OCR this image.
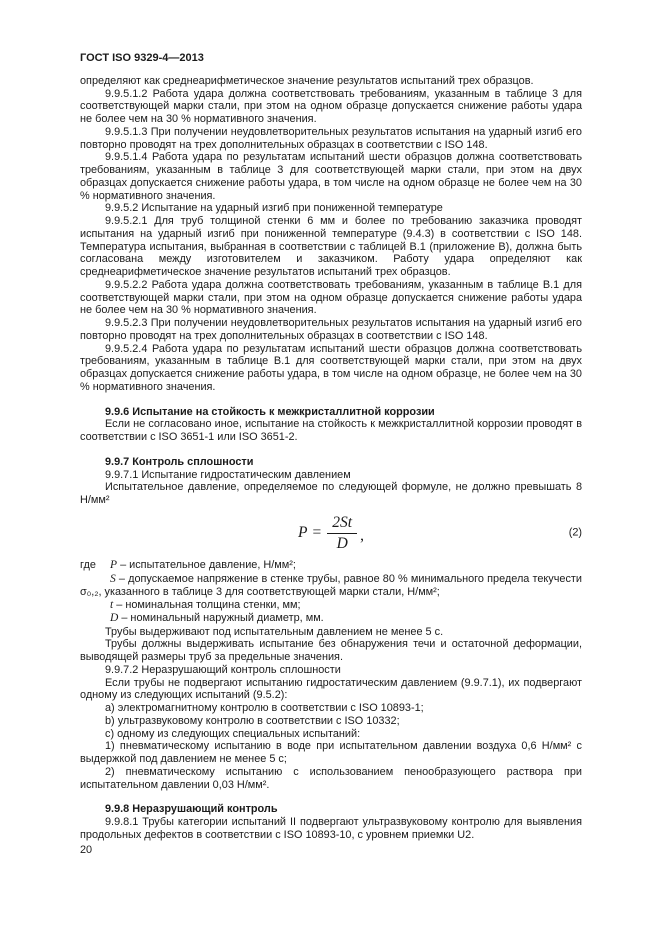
ГОСТ ISO 9329-4—2013

определяют как среднеарифметическое значение результатов испытаний трех образцов.

9.9.5.1.2 Работа удара должна соответствовать требованиям, указанным в таблице 3 для соответствующей марки стали, при этом на одном образце допускается снижение работы удара не более чем на 30 % нормативного значения.

9.9.5.1.3 При получении неудовлетворительных результатов испытания на ударный изгиб его повторно проводят на трех дополнительных образцах в соответствии с ISO 148.

9.9.5.1.4 Работа удара по результатам испытаний шести образцов должна соответствовать требованиям, указанным в таблице 3 для соответствующей марки стали, при этом на двух образцах допускается снижение работы удара, в том числе на одном образце не более чем на 30 % нормативного значения.

9.9.5.2 Испытание на ударный изгиб при пониженной температуре

9.9.5.2.1 Для труб толщиной стенки 6 мм и более по требованию заказчика проводят испытания на ударный изгиб при пониженной температуре (9.4.3) в соответствии с ISO 148. Температура испытания, выбранная в соответствии с таблицей B.1 (приложение B), должна быть согласована между изготовителем и заказчиком. Работу удара определяют как среднеарифметическое значение результатов испытаний трех образцов.

9.9.5.2.2 Работа удара должна соответствовать требованиям, указанным в таблице B.1 для соответствующей марки стали, при этом на одном образце допускается снижение работы удара не более чем на 30 % нормативного значения.

9.9.5.2.3 При получении неудовлетворительных результатов испытания на ударный изгиб его повторно проводят на трех дополнительных образцах в соответствии с ISO 148.

9.9.5.2.4 Работа удара по результатам испытаний шести образцов должна соответствовать требованиям, указанным в таблице B.1 для соответствующей марки стали, при этом на двух образцах допускается снижение работы удара, в том числе на одном образце, не более чем на 30 % нормативного значения.

9.9.6 Испытание на стойкость к межкристаллитной коррозии

Если не согласовано иное, испытание на стойкость к межкристаллитной коррозии проводят в соответствии с ISO 3651-1 или ISO 3651-2.

9.9.7 Контроль сплошности

9.9.7.1 Испытание гидростатическим давлением

Испытательное давление, определяемое по следующей формуле, не должно превышать 8 Н/мм²

$P = \frac{2St}{D}$ ,	(2)

где P – испытательное давление, Н/мм²;

S – допускаемое напряжение в стенке трубы, равное 80 % минимального предела текучести σ₀,₂, указанного в таблице 3 для соответствующей марки стали, Н/мм²;

t – номинальная толщина стенки, мм;

D – номинальный наружный диаметр, мм.

Трубы выдерживают под испытательным давлением не менее 5 с.

Трубы должны выдерживать испытание без обнаружения течи и остаточной деформации, выводящей размеры труб за предельные значения.

9.9.7.2 Неразрушающий контроль сплошности

Если трубы не подвергают испытанию гидростатическим давлением (9.9.7.1), их подвергают одному из следующих испытаний (9.5.2):

a) электромагнитному контролю в соответствии с ISO 10893-1;

b) ультразвуковому контролю в соответствии с ISO 10332;

c) одному из следующих специальных испытаний:

1) пневматическому испытанию в воде при испытательном давлении воздуха 0,6 Н/мм² с выдержкой под давлением не менее 5 с;

2) пневматическому испытанию с использованием пенообразующего раствора при испытательном давлении 0,03 Н/мм².

9.9.8 Неразрушающий контроль

9.9.8.1 Трубы категории испытаний II подвергают ультразвуковому контролю для выявления продольных дефектов в соответствии с ISO 10893-10, с уровнем приемки U2.

20
